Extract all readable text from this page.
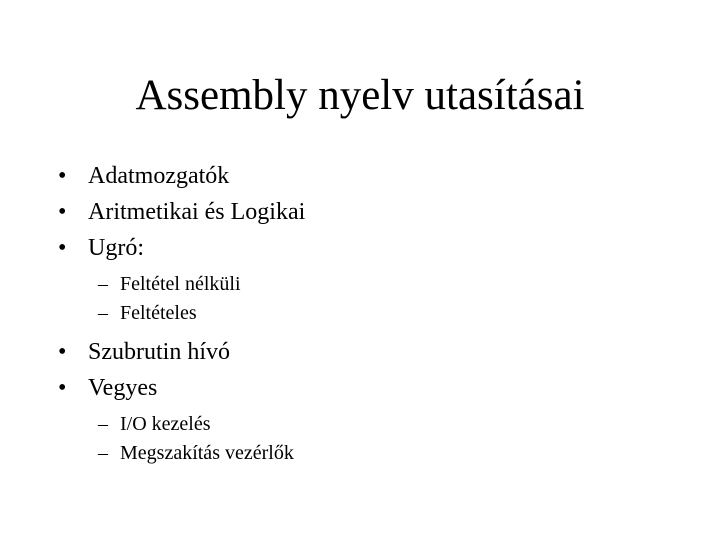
Assembly nyelv utasításai
• Adatmozgatók
• Aritmetikai és Logikai
• Ugró:
– Feltétel nélküli
– Feltételes
• Szubrutin hívó
• Vegyes
– I/O kezelés
– Megszakítás vezérlők
